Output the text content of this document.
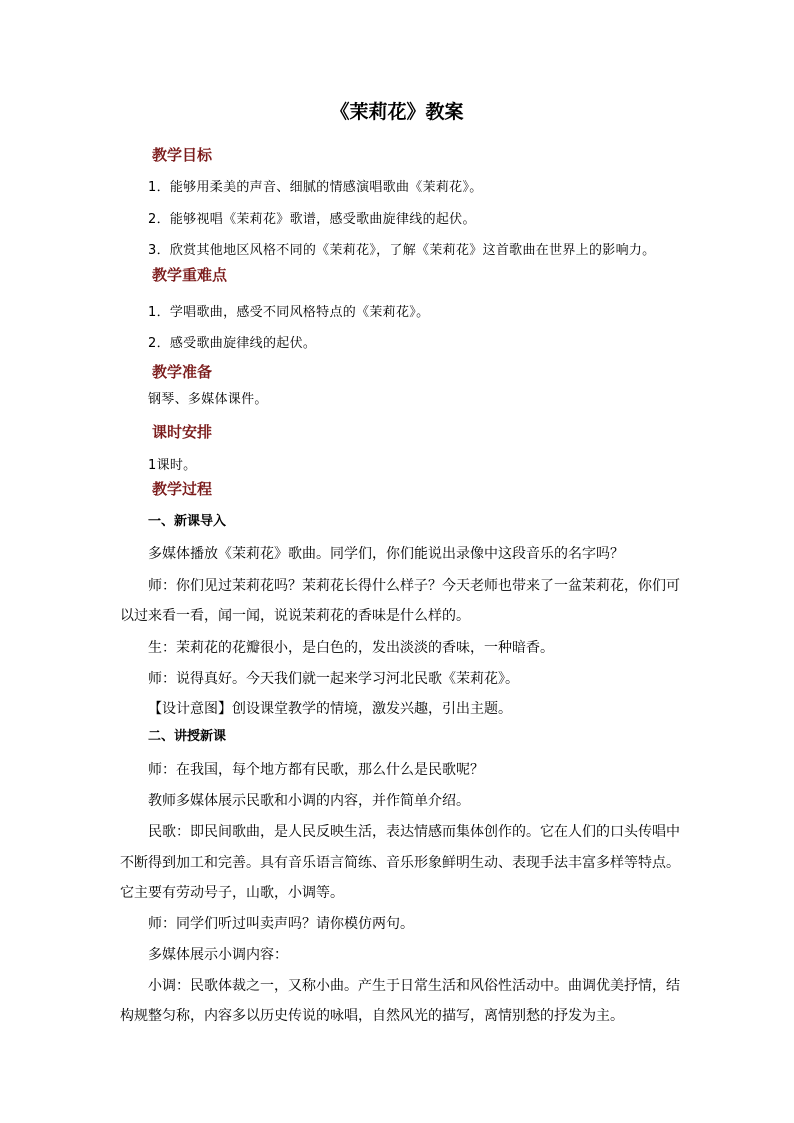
《茉莉花》教案
教学目标
1．能够用柔美的声音、细腻的情感演唱歌曲《茉莉花》。
2．能够视唱《茉莉花》歌谱，感受歌曲旋律线的起伏。
3．欣赏其他地区风格不同的《茉莉花》，了解《茉莉花》这首歌曲在世界上的影响力。
教学重难点
1．学唱歌曲，感受不同风格特点的《茉莉花》。
2．感受歌曲旋律线的起伏。
教学准备
钢琴、多媒体课件。
课时安排
1课时。
教学过程
一、新课导入
多媒体播放《茉莉花》歌曲。同学们，你们能说出录像中这段音乐的名字吗？
师：你们见过茉莉花吗？茉莉花长得什么样子？今天老师也带来了一盆茉莉花，你们可
以过来看一看，闻一闻，说说茉莉花的香味是什么样的。
生：茉莉花的花瓣很小，是白色的，发出淡淡的香味，一种暗香。
师：说得真好。今天我们就一起来学习河北民歌《茉莉花》。
【设计意图】创设课堂教学的情境，激发兴趣，引出主题。
二、讲授新课
师：在我国，每个地方都有民歌，那么什么是民歌呢？
教师多媒体展示民歌和小调的内容，并作简单介绍。
民歌：即民间歌曲，是人民反映生活，表达情感而集体创作的。它在人们的口头传唱中
不断得到加工和完善。具有音乐语言简练、音乐形象鲜明生动、表现手法丰富多样等特点。
它主要有劳动号子，山歌，小调等。
师：同学们听过叫卖声吗？请你模仿两句。
多媒体展示小调内容：
小调：民歌体裁之一，又称小曲。产生于日常生活和风俗性活动中。曲调优美抒情，结
构规整匀称，内容多以历史传说的咏唱，自然风光的描写，离情别愁的抒发为主。
